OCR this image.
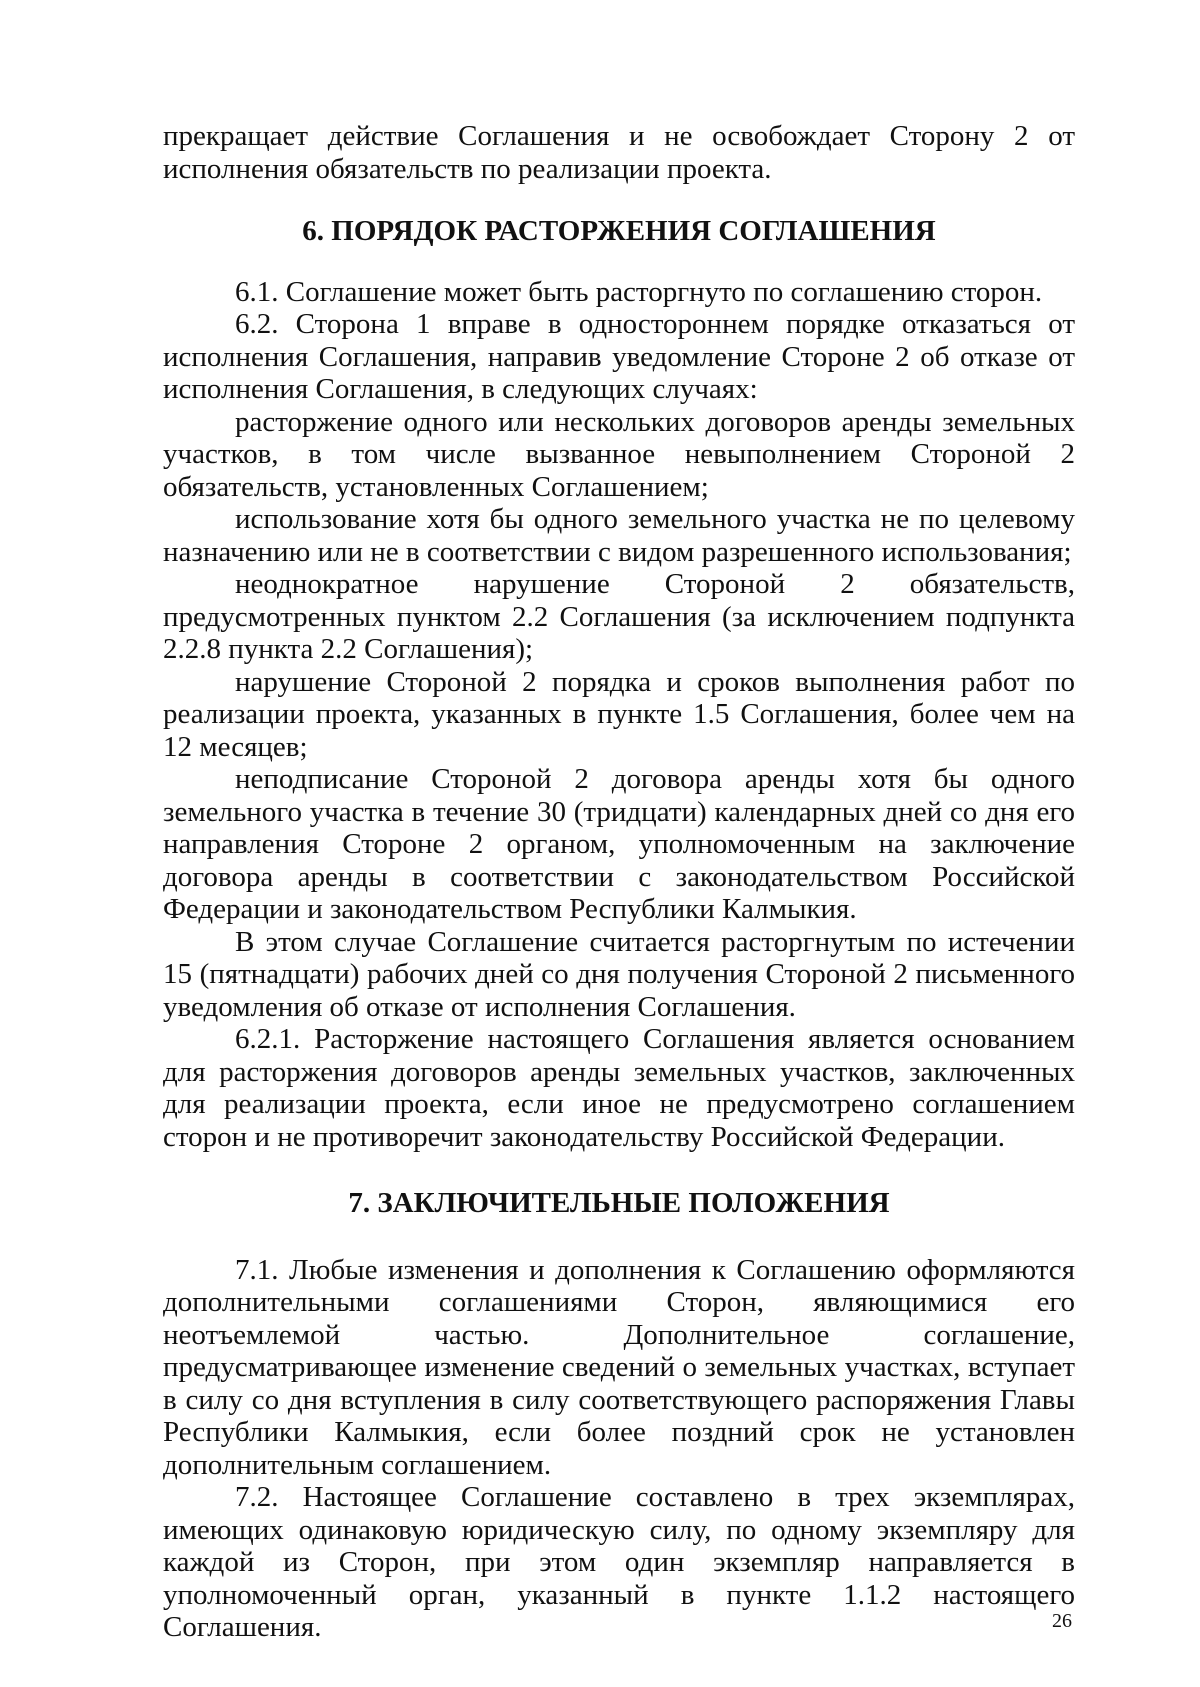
прекращает действие Соглашения и не освобождает Сторону 2 от исполнения обязательств по реализации проекта.

6. ПОРЯДОК РАСТОРЖЕНИЯ СОГЛАШЕНИЯ

6.1. Соглашение может быть расторгнуто по соглашению сторон.

6.2. Сторона 1 вправе в одностороннем порядке отказаться от исполнения Соглашения, направив уведомление Стороне 2 об отказе от исполнения Соглашения, в следующих случаях:

расторжение одного или нескольких договоров аренды земельных участков, в том числе вызванное невыполнением Стороной 2 обязательств, установленных Соглашением;

использование хотя бы одного земельного участка не по целевому назначению или не в соответствии с видом разрешенного использования;

неоднократное нарушение Стороной 2 обязательств, предусмотренных пунктом 2.2 Соглашения (за исключением подпункта 2.2.8 пункта 2.2 Соглашения);

нарушение Стороной 2 порядка и сроков выполнения работ по реализации проекта, указанных в пункте 1.5 Соглашения, более чем на 12 месяцев;

неподписание Стороной 2 договора аренды хотя бы одного земельного участка в течение 30 (тридцати) календарных дней со дня его направления Стороне 2 органом, уполномоченным на заключение договора аренды в соответствии с законодательством Российской Федерации и законодательством Республики Калмыкия.

В этом случае Соглашение считается расторгнутым по истечении 15 (пятнадцати) рабочих дней со дня получения Стороной 2 письменного уведомления об отказе от исполнения Соглашения.

6.2.1. Расторжение настоящего Соглашения является основанием для расторжения договоров аренды земельных участков, заключенных для реализации проекта, если иное не предусмотрено соглашением сторон и не противоречит законодательству Российской Федерации.

7. ЗАКЛЮЧИТЕЛЬНЫЕ ПОЛОЖЕНИЯ

7.1. Любые изменения и дополнения к Соглашению оформляются дополнительными соглашениями Сторон, являющимися его неотъемлемой частью. Дополнительное соглашение, предусматривающее изменение сведений о земельных участках, вступает в силу со дня вступления в силу соответствующего распоряжения Главы Республики Калмыкия, если более поздний срок не установлен дополнительным соглашением.

7.2. Настоящее Соглашение составлено в трех экземплярах, имеющих одинаковую юридическую силу, по одному экземпляру для каждой из Сторон, при этом один экземпляр направляется в уполномоченный орган, указанный в пункте 1.1.2 настоящего Соглашения.	26
